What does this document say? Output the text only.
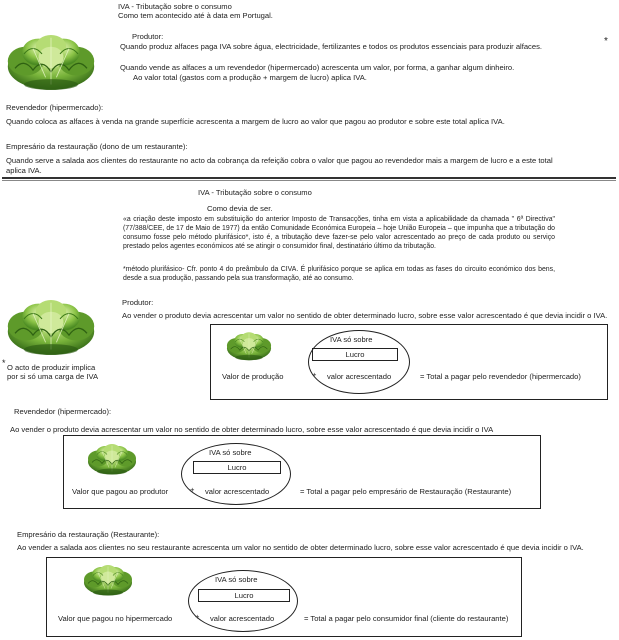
IVA - Tributação sobre o consumo
Como tem acontecido até à data em Portugal.
Produtor:
Quando produz alfaces paga IVA sobre água, electricidade, fertilizantes e todos os produtos essenciais para produzir alfaces.	*
Quando vende as alfaces a um revendedor (hipermercado) acrescenta um valor, por forma, a ganhar algum dinheiro.
Ao valor total (gastos com a produção + margem de lucro) aplica IVA.
Revendedor (hipermercado):
Quando coloca as alfaces à venda na grande superfície acrescenta a margem de lucro ao valor que pagou ao produtor e sobre este total aplica IVA.
Empresário da restauração (dono de um restaurante):
Quando serve a salada aos clientes do restaurante no acto da cobrança da refeição cobra o valor que pagou ao revendedor mais a margem de lucro e a este total
aplica IVA.
IVA - Tributação sobre o consumo
Como devia de ser.
«a criação deste imposto em substituição do anterior Imposto de Transacções, tinha em vista a aplicabilidade da chamada " 6ª Directiva" (77/388/CEE, de 17 de Maio de 1977) da então Comunidade Económica Europeia – hoje União Europeia – que impunha que a tributação do consumo fosse pelo método plurifásico*, isto é, a tributação deve fazer-se pelo valor acrescentado ao preço de cada produto ou serviço prestado pelos agentes económicos até se atingir o consumidor final, destinatário último da tributação.
*método plurifásico- Cfr. ponto 4 do preâmbulo da CIVA. É plurifásico porque se aplica em todas as fases do circuito económico dos bens, desde a sua produção, passando pela sua transformação, até ao consumo.
* O acto de produzir implica por si só uma carga de IVA
Produtor:
Ao vender o produto devia acrescentar um valor no sentido de obter determinado lucro, sobre esse valor acrescentado é que devia incidir o IVA.
Valor de produção
IVA só sobre
Lucro
+ valor acrescentado	= Total a pagar pelo revendedor (hipermercado)
Revendedor (hipermercado):
Ao vender o produto devia acrescentar um valor no sentido de obter determinado lucro, sobre esse valor acrescentado é que devia incidir o IVA
Valor que pagou ao produtor
IVA só sobre
Lucro
+ valor acrescentado	= Total a pagar pelo empresário de Restauração (Restaurante)
Empresário da restauração (Restaurante):
Ao vender a salada aos clientes no seu restaurante acrescenta um valor no sentido de obter determinado lucro, sobre esse valor acrescentado é que devia incidir o IVA.
Valor que pagou no hipermercado
IVA só sobre
Lucro
+ valor acrescentado	= Total a pagar pelo consumidor final (cliente do restaurante)
